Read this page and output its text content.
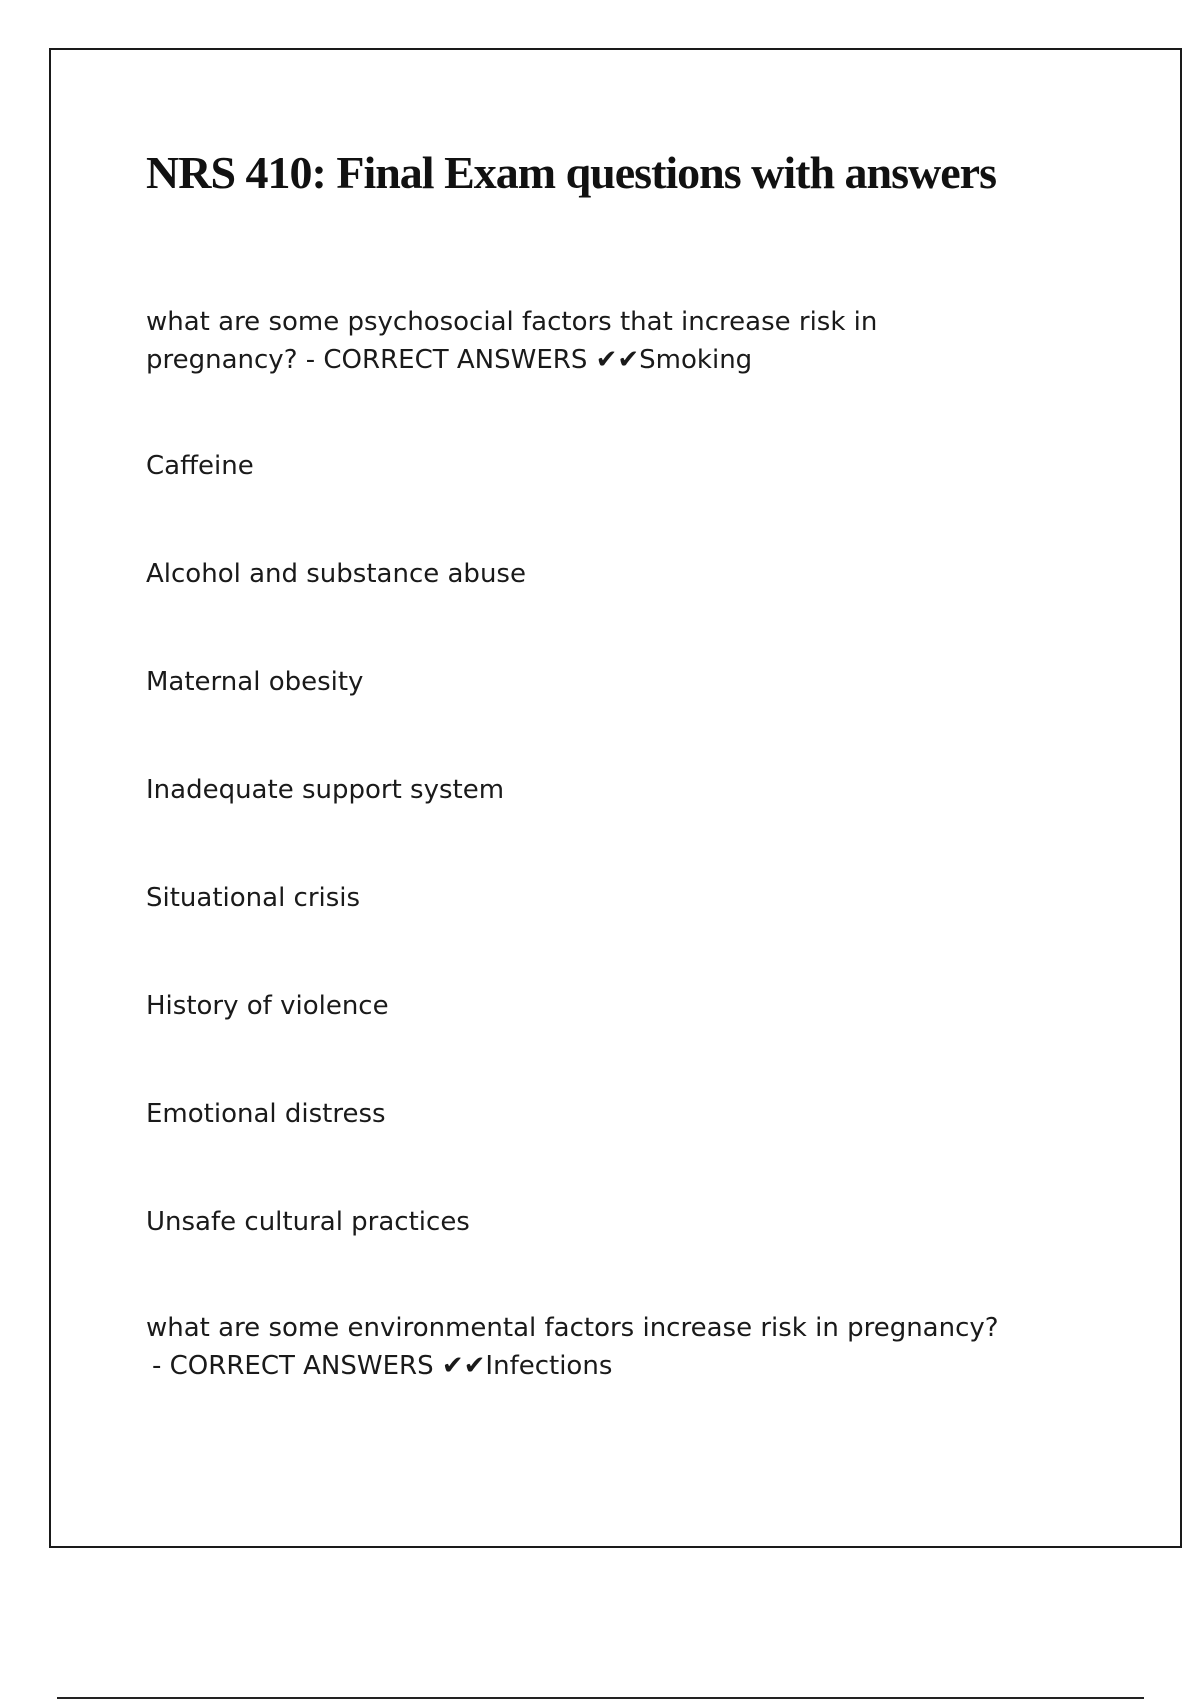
NRS 410: Final Exam questions with answers
what are some psychosocial factors that increase risk in
pregnancy? - CORRECT ANSWERS ✔✔Smoking

Caffeine

Alcohol and substance abuse

Maternal obesity

Inadequate support system

Situational crisis

History of violence

Emotional distress

Unsafe cultural practices

what are some environmental factors increase risk in pregnancy?
- CORRECT ANSWERS ✔✔Infections
